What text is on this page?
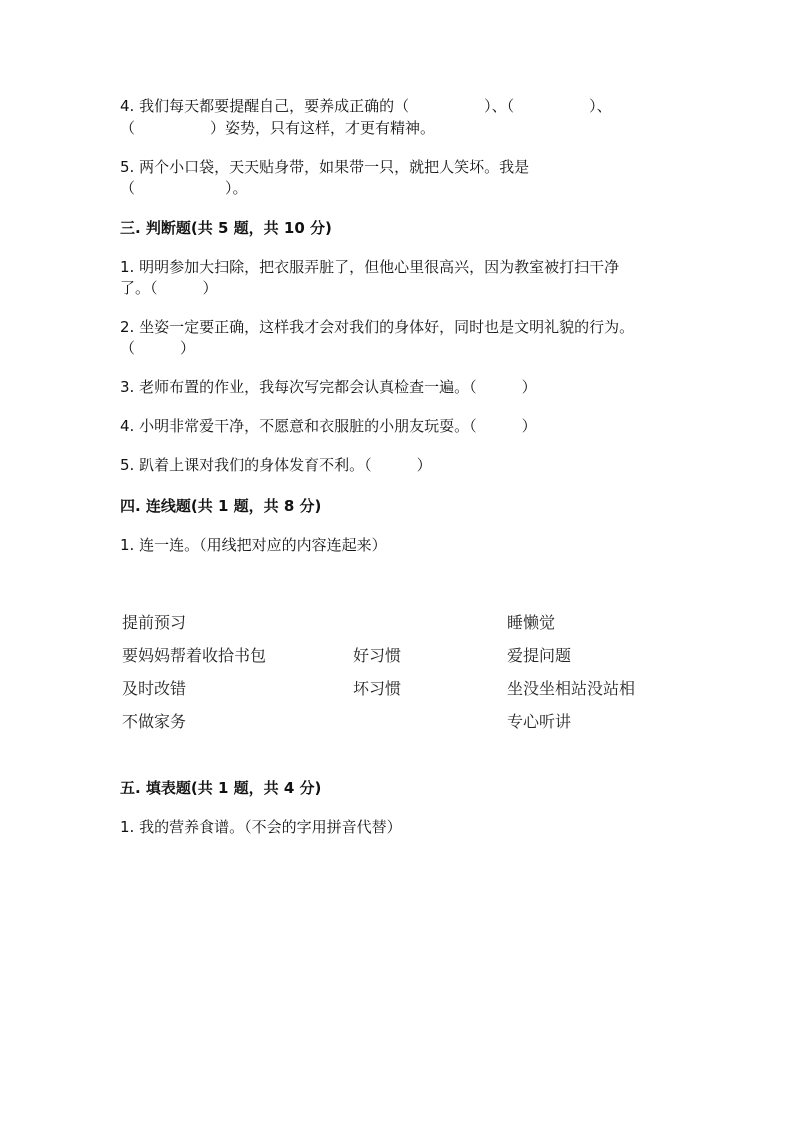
4. 我们每天都要提醒自己，要养成正确的（　　　　　）、（　　　　　）、
（　　　　　）姿势，只有这样，才更有精神。
5. 两个小口袋，天天贴身带，如果带一只，就把人笑坏。我是
（　　　　　　）。
三. 判断题(共 5 题，共 10 分)
1. 明明参加大扫除，把衣服弄脏了，但他心里很高兴，因为教室被打扫干净
了。（　　　）
2. 坐姿一定要正确，这样我才会对我们的身体好，同时也是文明礼貌的行为。
（　　　）
3. 老师布置的作业，我每次写完都会认真检查一遍。（　　　）
4. 小明非常爱干净，不愿意和衣服脏的小朋友玩耍。（　　　）
5. 趴着上课对我们的身体发育不利。（　　　）
四. 连线题(共 1 题，共 8 分)
1. 连一连。（用线把对应的内容连起来）
提前预习
要妈妈帮着收拾书包
及时改错
不做家务
好习惯
坏习惯
睡懒觉
爱提问题
坐没坐相站没站相
专心听讲
五. 填表题(共 1 题，共 4 分)
1. 我的营养食谱。（不会的字用拼音代替）
